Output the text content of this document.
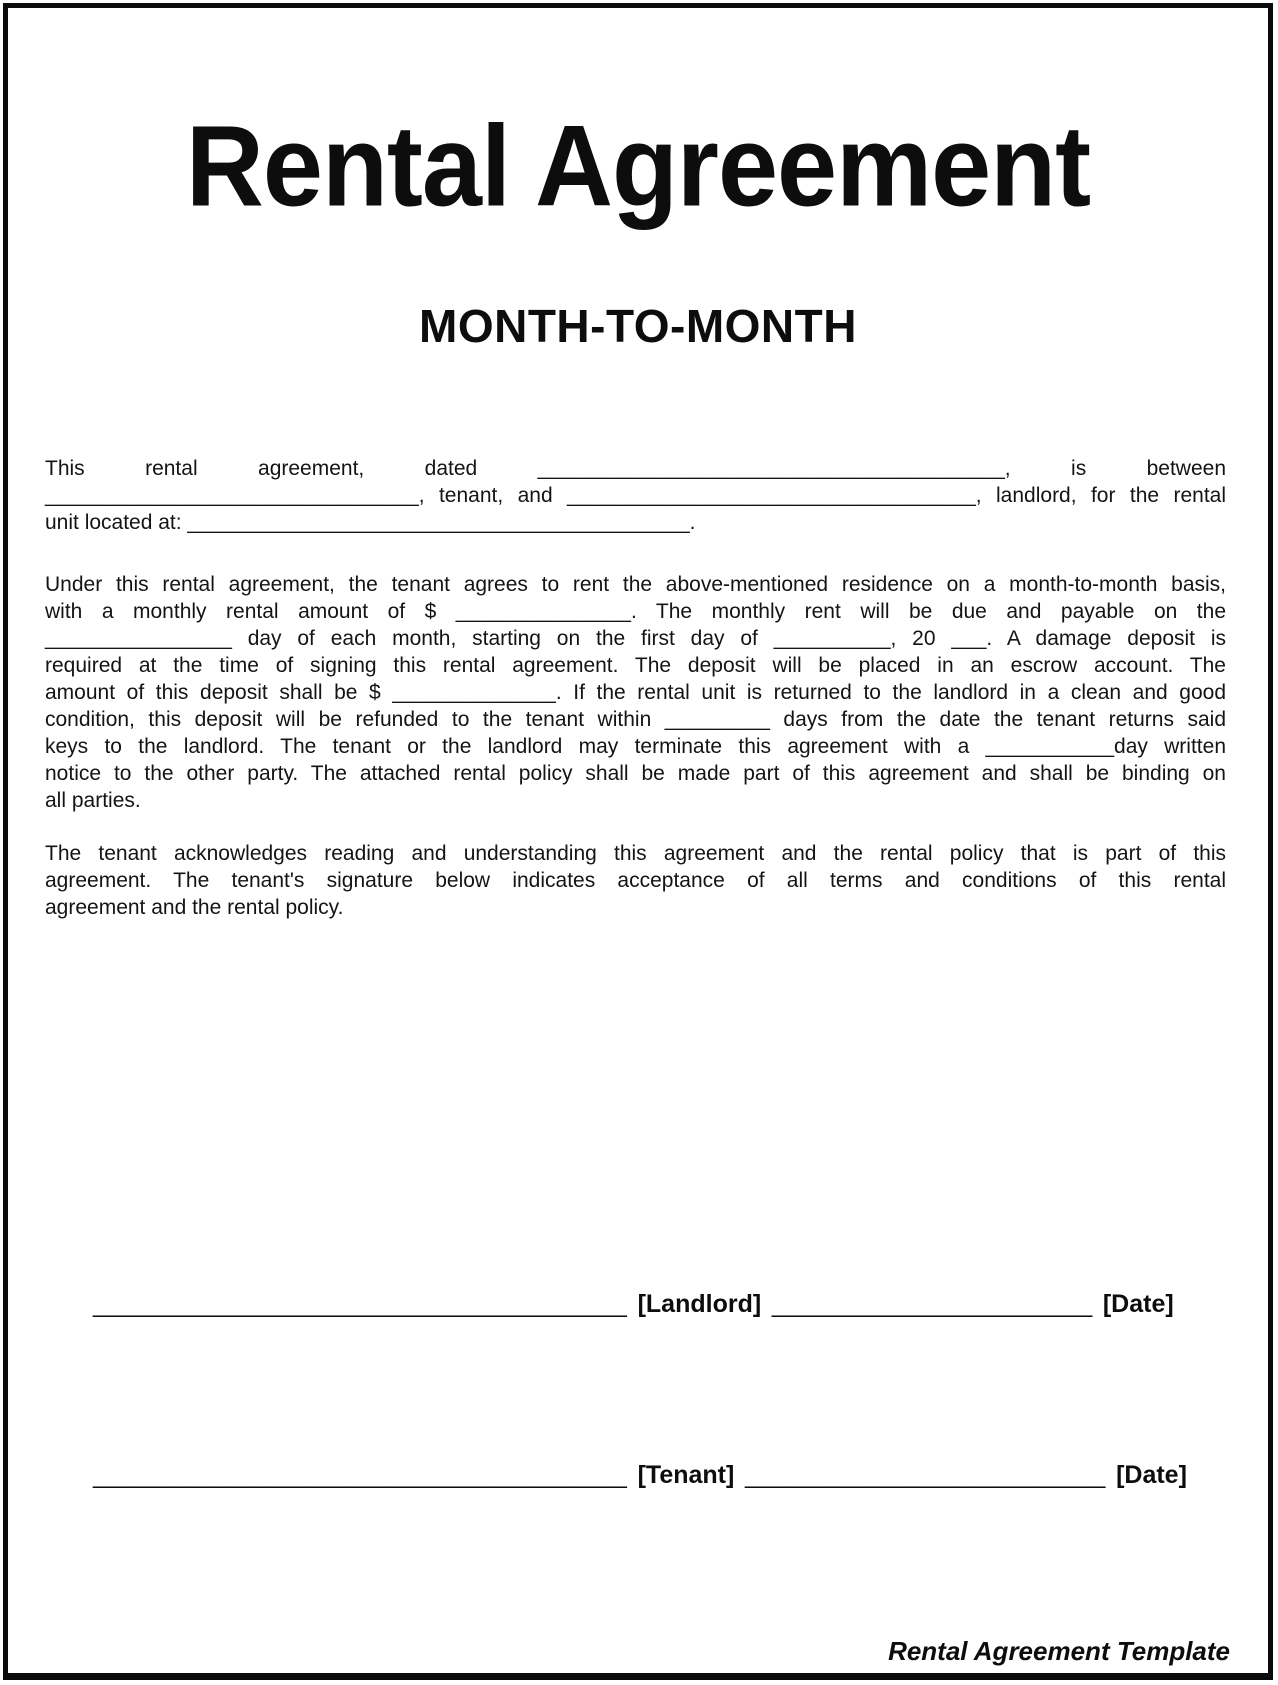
Rental Agreement
MONTH-TO-MONTH

This rental agreement, dated ________________________________________, is between
________________________________, tenant, and ___________________________________, landlord, for the rental
unit located at: ___________________________________________.

Under this rental agreement, the tenant agrees to rent the above-mentioned residence on a month-to-month basis,
with a monthly rental amount of $ _______________. The monthly rent will be due and payable on the
________________ day of each month, starting on the first day of __________, 20 ___. A damage deposit is
required at the time of signing this rental agreement. The deposit will be placed in an escrow account. The
amount of this deposit shall be $ ______________. If the rental unit is returned to the landlord in a clean and good
condition, this deposit will be refunded to the tenant within _________ days from the date the tenant returns said
keys to the landlord. The tenant or the landlord may terminate this agreement with a ___________day written
notice to the other party. The attached rental policy shall be made part of this agreement and shall be binding on
all parties.

The tenant acknowledges reading and understanding this agreement and the rental policy that is part of this
agreement. The tenant's signature below indicates acceptance of all terms and conditions of this rental
agreement and the rental policy.

________________________________________ [Landlord] ________________________ [Date]
________________________________________ [Tenant] ___________________________ [Date]
Rental Agreement Template
